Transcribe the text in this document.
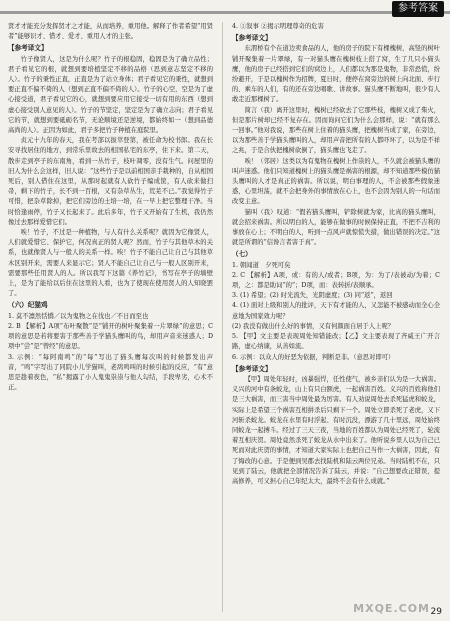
参考答案

贤才才能充分发挥贤才之才能，从而培养、重用他。解释了作者希望“用贤者”能够识才、惜才、爱才、重用人才的主张。

【参考译文】

竹子像贤人，这是为什么呢？竹子的根稳固，稳固是为了确立品性；君子看见它的根，就想到要培植坚定不移的品格（思到意志坚定不移的人）。竹子的秉性正直，正直是为了站立身体；君子看见它的秉性，就想到要正直不偏不倚的人（想到正直不偏不倚的人）。竹子的心空，空是为了虚心接受道，君子看见它的心，就想到要应用它接受一切有用的东西（想到虚心接受别人意见的人）。竹子的节坚定，坚定是为了确立志向；君子看见它的节，就想到要砥砺名节，无论顺境还是逆境，都始终如一（想到品德高尚的人）。正因为如此，君子多把竹子种植在庭院里。

贞元十九年的春天，我在考部以拔萃登第，被任命为校书郎。我在长安寻找居住的地方，到常乐里故去的相国私宅的东亭，住下来。第二天，散步走到亭子的东南角，看到一丛竹子，枝叶凋零，没有生气。问屋里的旧人为什么会这样，旧人说：“这些竹子是以前相国亲手栽种的，自从相国死后，别人借住在这里，从那时起就有人砍竹子编成筐，有人砍来做扫帚，剩下的竹子，长不到一百根，又有杂草丛生，荒芜不已。”我觉得竹子可惜，把杂草除掉，把它们旁边的土培一培，在一早上把它整理干净。当时恰逢雨停，竹子又长起来了。此后多年，竹子又开始有了生机，我仍然像过去那样爱惜它们。

唉！竹子，不过是一种植物，与人有什么关系呢？就因为它像贤人，人们就爱惜它、保护它，何况真正的贤人呢？然而，竹子与其他草木的关系，也就像贤人与一般人的关系一样。唉！竹子不能自己让自己与其他草木区别开来，需要人来显示它；贤人不能自己让自己与一般人区别开来，需要那些任用贤人的人。所以我写下这篇《养竹记》，书写在亭子的墙壁上，是为了能给以后住在这里的人看，也为了使现在使用贤人的人知晓罢了。

（六）纪猫鸡

1. 莫不凛然恬憍／以为鬼物之在伐也／不日而至也

2. B 【解析】A项“布叶聚散”是“铺开的树叶聚集着一片翠绿”的意思；C项的意思是若将要害于那些善于学猫头鹰叫的鸟，却用声音来迷惑人；D项中“尝”是“曾经”的意思。

3. 示例：“每阿南鸣”的“每”写出了猫头鹰每次叫的时候都发出声音，“鸣”字写出了同院小儿学猫叫，老鸹鸣叫的时候引起的反应，“有”意思是趁着夜色，“私”揭露了小人鬼鬼祟祟与他人勾结，手段卑劣，心术不正。

4. ①叙事 ②揭示明理尊奇的危害

【参考译文】

东渭桥有个在道边卖食品的人，他的房子的院下有棵槐树，高竖的树叶铺开聚集着一片翠绿，有一对猫头鹰在槐树枝上搭了窝，生了几只小猫头鹰，他的房子已经搭到它们的窝边上，人们都以为那是鬼物，非常恐慌，纷纷避开，于是以槐树作为招牌，夏日时，便停在窝旁边的树上向北面、步行的、乘车的人们，有的还在旁边唱歌、讲故事。猫头鹰不断地叫，很少有人敢走近那棵树了。

简言（我）离开这里时，槐树已经砍去了它那些枝，槐树又成了柴火，但是那片树却已经不复存在。因而询问它们为什么会那样，说：“就有那么一回事。”他对我说，那些在树上住着的猫头鹰，把槐树当成了家，在旁边，以为那些善于学猫头鹰叫的人，却用声音把所有的人都吓坏了，以为是不祥之兆，于是合伙把槐树砍倒了，猫头鹰也飞走了。

唉！（邻居）这类以为有鬼物在槐树上作祟的人，不久就会被猫头鹰的叫声迷惑。他们只知道槐树上的猫头鹰是祸害的根源，却不知道那些模仿猫头鹰叫的人才是真正的祸害。所以说，明白事理的人，不会被那些假象迷惑，心里坦荡，就不会把身外的事情放在心上，也不会因为别人的一句话而改变主意。

猫叫（我）叹道：“假若猫头鹰叫，铲除树就为家，比真的猫头鹰叫，就会招来祸害。所以明白的人，能够在做事的时候保持正直，不把不吉利的事放在心上；不明白的人，听到一点风声就惊慌失措，做出错误的决定。”这就是所谓的“信谗言者害于真”。

（七）

1. 朝闻道　夕死可矣

2. C 【解析】A项，或：有的人/或者；B项，为：为了/表被动/为着；C项，之：都是助词“的”；D项，而：表转折/表顺承。

3. (1) 希望；(2) 时光流失，光阴虚度；(3) 同“返”，返回

4. (1) 面对上级和别人的批评，天下有才能的人，又怎能不被感动而全心全意地为国家效力呢？

(2) 我没有做出什么好的事情，又有何颜面自居于人上呢？

5. 【甲】文主要是表现周处知错能改；【乙】文主要表现了齐威王广开言路，虚心纳谏，从善如流。

6. 示例：以众人的好恶为依据，判断是非。（意思对即可）

【参考译文】

【甲】周处年轻时，凶暴强悍，任性使气，被乡亲们认为是一大祸害。义兴的河中有条蛟龙，山上有只白额虎，一起祸害百姓。义兴的百姓称他们是三大祸害，而三害当中周处最为厉害。有人劝说周处去杀死猛虎和蛟龙，实际上是希望三个祸害互相拼杀后只剩下一个。周处立即杀死了老虎，又下河斩杀蛟龙。蛟龙在水里有时浮起、有时沉没，漂游了几十里远，周处始终同蛟龙一起搏斗。经过了三天三夜，当地的百姓都认为周处已经死了，轮流着互相庆贺。周处竟然杀死了蛟龙从水中出来了。他听说乡里人以为自己已死而对此庆贺的事情，才知道大家实际上也把自己当作一大祸害，因此，有了悔改的心意。于是便到吴郡去找陆机和陆云两位兄弟。当时陆机不在，只见到了陆云，他就把全部情况告诉了陆云，并说：“自己想要改正错误，提高修养，可又担心自己年纪太大，最终不会有什么成就。”

MXQE.COM 29
